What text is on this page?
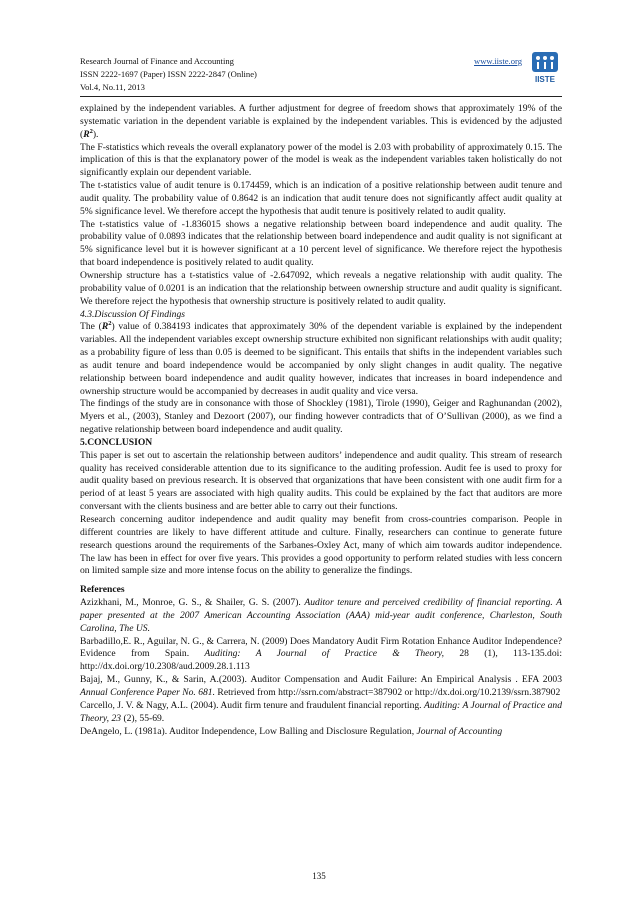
Research Journal of Finance and Accounting
ISSN 2222-1697 (Paper) ISSN 2222-2847 (Online)
Vol.4, No.11, 2013
www.iiste.org
IISTE

explained by the independent variables. A further adjustment for degree of freedom shows that approximately 19% of the systematic variation in the dependent variable is explained by the independent variables. This is evidenced by the adjusted $(R^2)$.

The F-statistics which reveals the overall explanatory power of the model is 2.03 with probability of approximately 0.15. The implication of this is that the explanatory power of the model is weak as the independent variables taken holistically do not significantly explain our dependent variable.

The t-statistics value of audit tenure is 0.174459, which is an indication of a positive relationship between audit tenure and audit quality. The probability value of 0.8642 is an indication that audit tenure does not significantly affect audit quality at 5% significance level. We therefore accept the hypothesis that audit tenure is positively related to audit quality.

The t-statistics value of -1.836015 shows a negative relationship between board independence and audit quality. The probability value of 0.0893 indicates that the relationship between board independence and audit quality is not significant at 5% significance level but it is however significant at a 10 percent level of significance. We therefore reject the hypothesis that board independence is positively related to audit quality.

Ownership structure has a t-statistics value of -2.647092, which reveals a negative relationship with audit quality. The probability value of 0.0201 is an indication that the relationship between ownership structure and audit quality is significant. We therefore reject the hypothesis that ownership structure is positively related to audit quality.

4.3.Discussion Of Findings

The $(R^2)$ value of 0.384193 indicates that approximately 30% of the dependent variable is explained by the independent variables. All the independent variables except ownership structure exhibited non significant relationships with audit quality; as a probability figure of less than 0.05 is deemed to be significant. This entails that shifts in the independent variables such as audit tenure and board independence would be accompanied by only slight changes in audit quality. The negative relationship between board independence and audit quality however, indicates that increases in board independence and ownership structure would be accompanied by decreases in audit quality and vice versa.

The findings of the study are in consonance with those of Shockley (1981), Tirole (1990), Geiger and Raghunandan (2002), Myers et al., (2003), Stanley and Dezoort (2007), our finding however contradicts that of O’Sullivan (2000), as we find a negative relationship between board independence and audit quality.

5.CONCLUSION

This paper is set out to ascertain the relationship between auditors’ independence and audit quality. This stream of research quality has received considerable attention due to its significance to the auditing profession. Audit fee is used to proxy for audit quality based on previous research. It is observed that organizations that have been consistent with one audit firm for a period of at least 5 years are associated with high quality audits. This could be explained by the fact that auditors are more conversant with the clients business and are better able to carry out their functions.

Research concerning auditor independence and audit quality may benefit from cross-countries comparison. People in different countries are likely to have different attitude and culture. Finally, researchers can continue to generate future research questions around the requirements of the Sarbanes-Oxley Act, many of which aim towards auditor independence. The law has been in effect for over five years. This provides a good opportunity to perform related studies with less concern on limited sample size and more intense focus on the ability to generalize the findings.

References

Azizkhani, M., Monroe, G. S., & Shailer, G. S. (2007). Auditor tenure and perceived credibility of financial reporting. A paper presented at the 2007 American Accounting Association (AAA) mid-year audit conference, Charleston, South Carolina, The US.

Barbadillo,E. R., Aguilar, N. G., & Carrera, N. (2009) Does Mandatory Audit Firm Rotation Enhance Auditor Independence? Evidence from Spain. Auditing: A Journal of Practice & Theory, 28 (1), 113-135.doi: http://dx.doi.org/10.2308/aud.2009.28.1.113

Bajaj, M., Gunny, K., & Sarin, A.(2003). Auditor Compensation and Audit Failure: An Empirical Analysis . EFA 2003 Annual Conference Paper No. 681. Retrieved from http://ssrn.com/abstract=387902 or http://dx.doi.org/10.2139/ssrn.387902

Carcello, J. V. & Nagy, A.L. (2004). Audit firm tenure and fraudulent financial reporting. Auditing: A Journal of Practice and Theory, 23 (2), 55-69.

DeAngelo, L. (1981a). Auditor Independence, Low Balling and Disclosure Regulation, Journal of Accounting

135
